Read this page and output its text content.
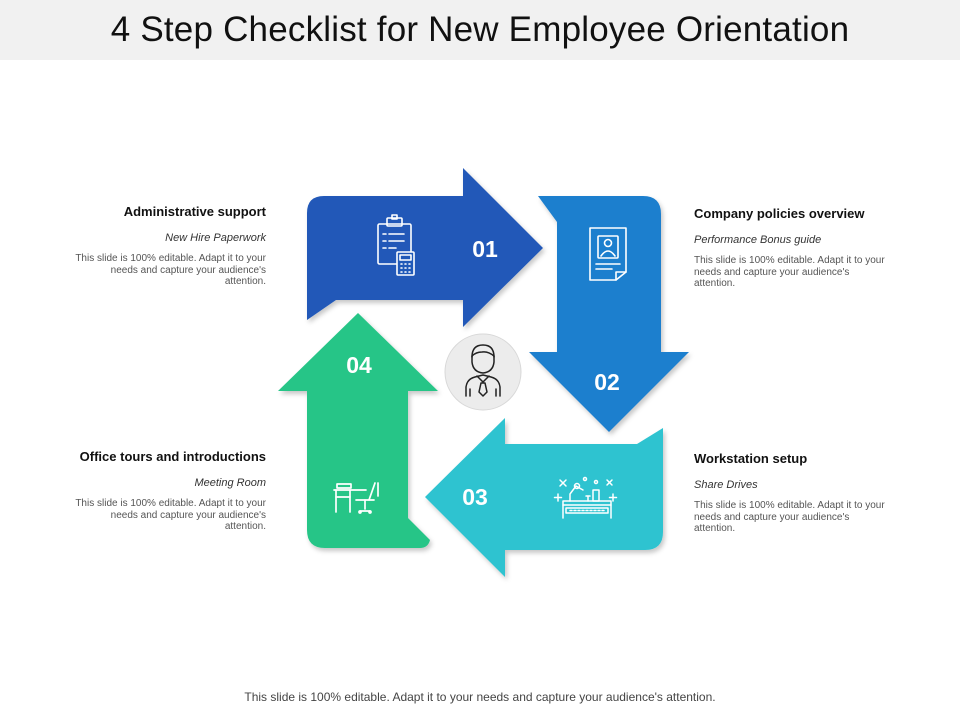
4 Step Checklist for New Employee Orientation
01
02
03
04
Administrative support
New Hire Paperwork
This slide is 100% editable. Adapt it to your needs and capture your audience's attention.
Company policies overview
Performance Bonus guide
This slide is 100% editable. Adapt it to your needs and capture your audience's attention.
Workstation setup
Share Drives
This slide is 100% editable. Adapt it to your needs and capture your audience's attention.
Office tours and introductions
Meeting Room
This slide is 100% editable. Adapt it to your needs and capture your audience's attention.
This slide is 100% editable. Adapt it to your needs and capture your audience's attention.
